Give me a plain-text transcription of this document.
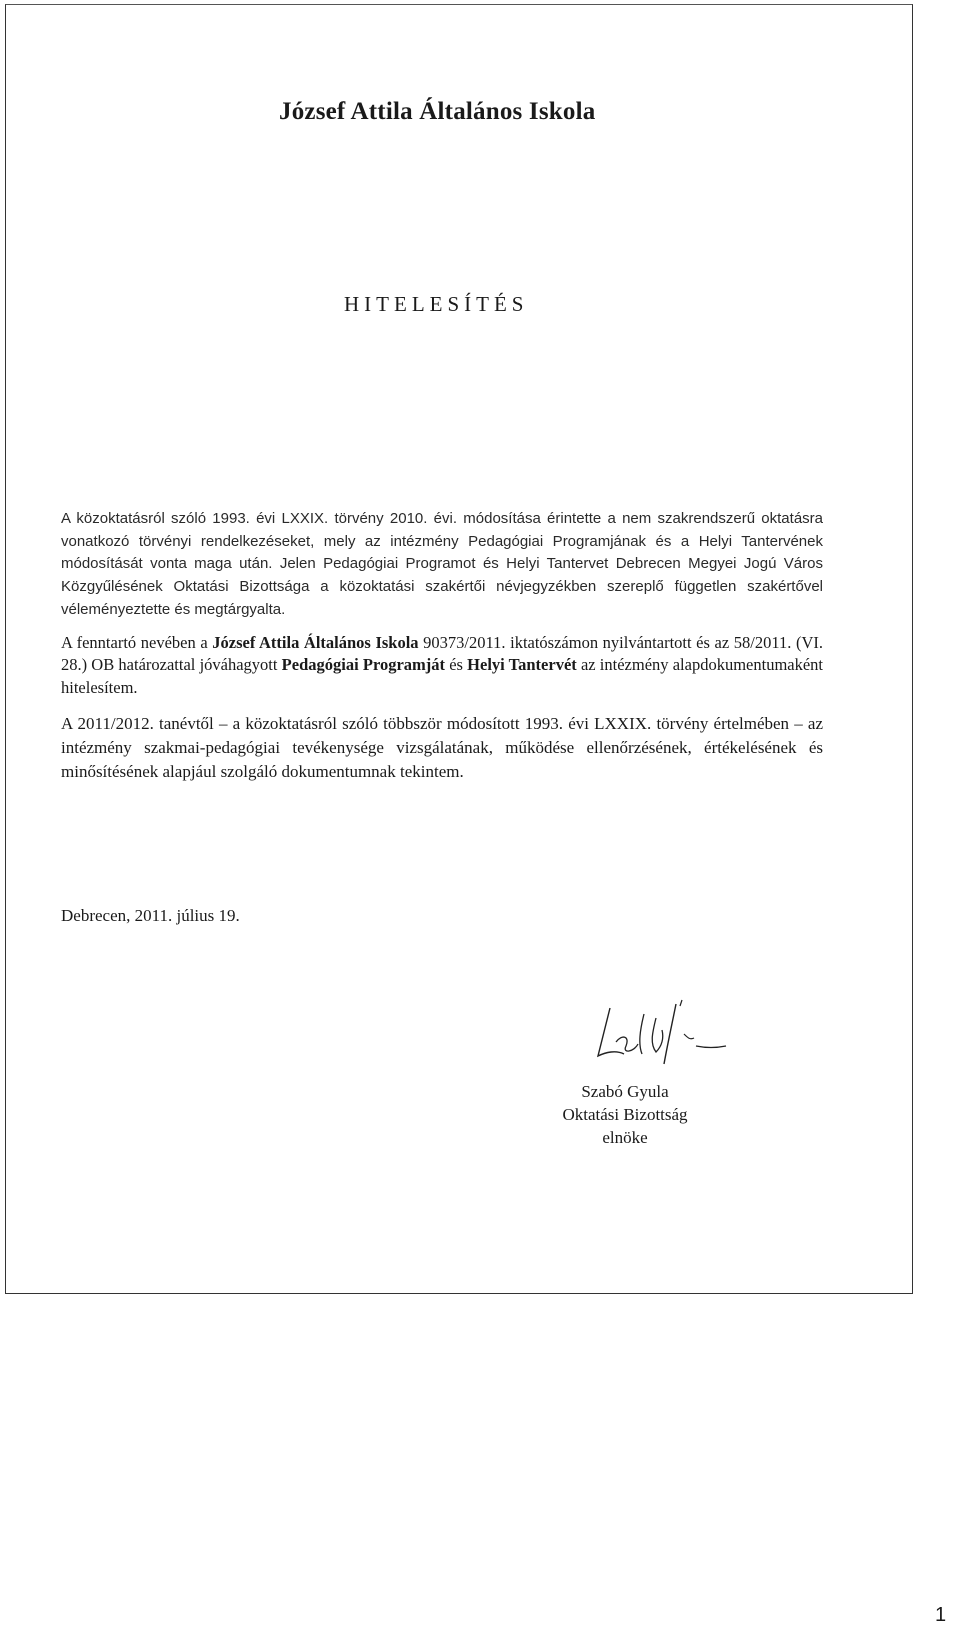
József Attila Általános Iskola
HITELESÍTÉS

A közoktatásról szóló 1993. évi LXXIX. törvény 2010. évi. módosítása érintette a nem szakrendszerű oktatásra vonatkozó törvényi rendelkezéseket, mely az intézmény Pedagógiai Programjának és a Helyi Tantervének módosítását vonta maga után. Jelen Pedagógiai Programot és Helyi Tantervet Debrecen Megyei Jogú Város Közgyűlésének Oktatási Bizottsága a közoktatási szakértői névjegyzékben szereplő független szakértővel véleményeztette és megtárgyalta.

A fenntartó nevében a József Attila Általános Iskola 90373/2011. iktatószámon nyilvántartott és az 58/2011. (VI. 28.) OB határozattal jóváhagyott Pedagógiai Programját és Helyi Tantervét az intézmény alapdokumentumaként hitelesítem.

A 2011/2012. tanévtől – a közoktatásról szóló többször módosított 1993. évi LXXIX. törvény értelmében – az intézmény szakmai-pedagógiai tevékenysége vizsgálatának, működése ellenőrzésének, értékelésének és minősítésének alapjául szolgáló dokumentumnak tekintem.

Debrecen, 2011. július 19.

Szabó Gyula
Oktatási Bizottság
elnöke
1
